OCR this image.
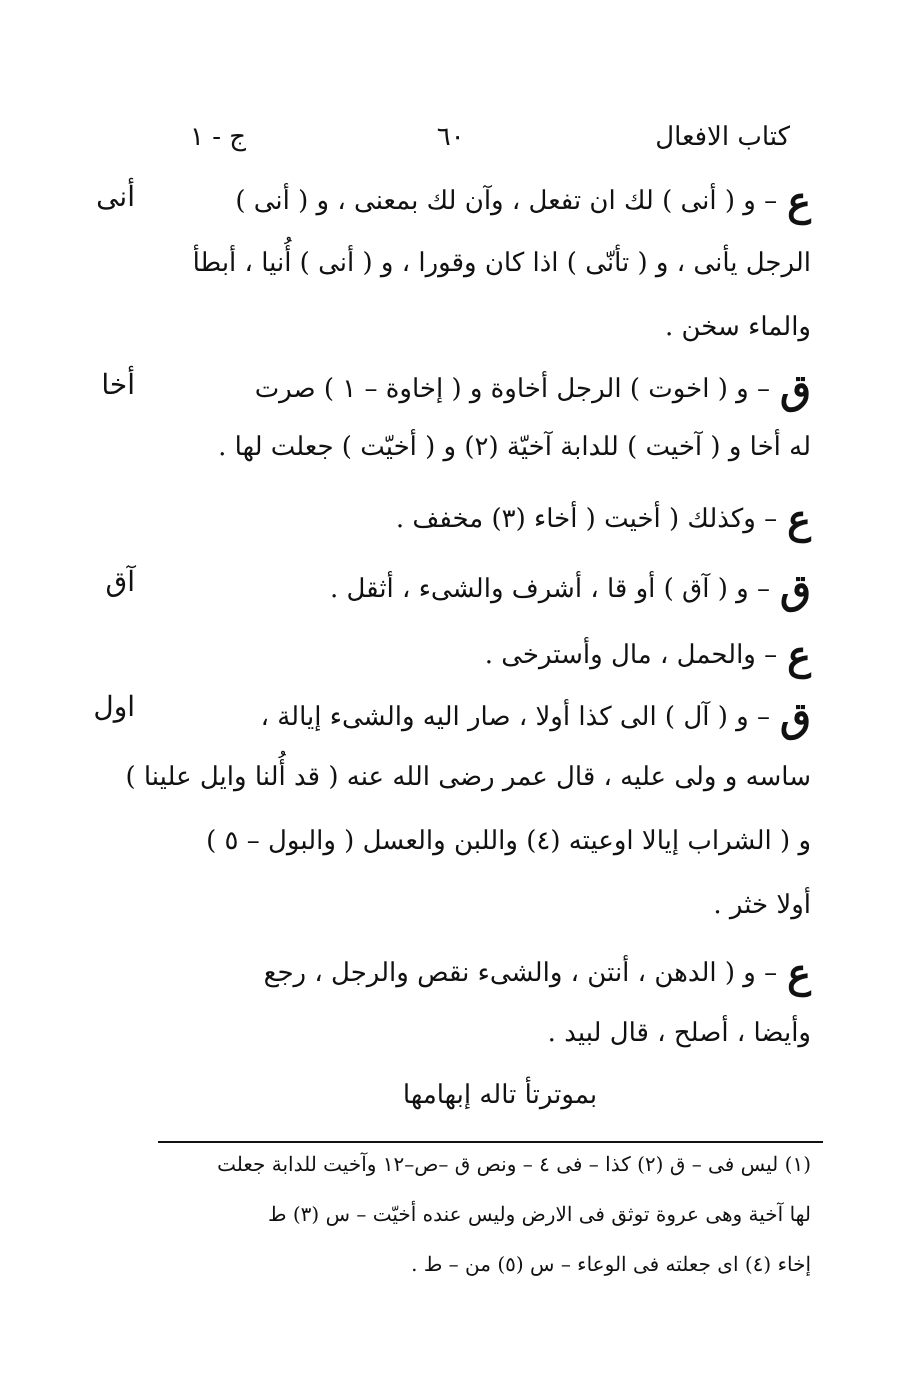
كتاب الافعال
٦٠
ج - ١
أنى
أخا
آق
اول
ع– و ( أنى ) لك ان تفعل ، وآن لك بمعنى ، و ( أنى )
الرجل يأنى ، و ( تأنّى ) اذا كان وقورا ، و ( أنى ) أُنيا ، أبطأ
والماء سخن .
ق– و ( اخوت ) الرجل أخاوة و ( إخاوة – ١ ) صرت
له أخا و ( آخيت ) للدابة آخيّة (٢) و ( أخيّت ) جعلت لها .
ع– وكذلك ( أخيت ( أخاء (٣) مخفف .
ق– و ( آق ) أو قا ، أشرف والشىء ، أثقل .
ع– والحمل ، مال وأسترخى .
ق– و ( آل ) الى كذا أولا ، صار اليه والشىء إيالة ،
ساسه و ولى عليه ، قال عمر رضى الله عنه ( قد أُلنا وايل علينا )
و ( الشراب إيالا اوعيته (٤) واللبن والعسل ( والبول – ٥ )
أولا خثر .
ع– و ( الدهن ، أنتن ، والشىء نقص والرجل ، رجع
وأيضا ، أصلح ، قال لبيد .
بموترتأ تاله إبهامها
(١) ليس فى – ق (٢) كذا – فى ٤ – ونص ق –ص–١٢ وآخيت للدابة جعلت
لها آخية وهى عروة توثق فى الارض وليس عنده أخيّت – س (٣) ط
إخاء (٤) اى جعلته فى الوعاء – س (٥) من – ط .
